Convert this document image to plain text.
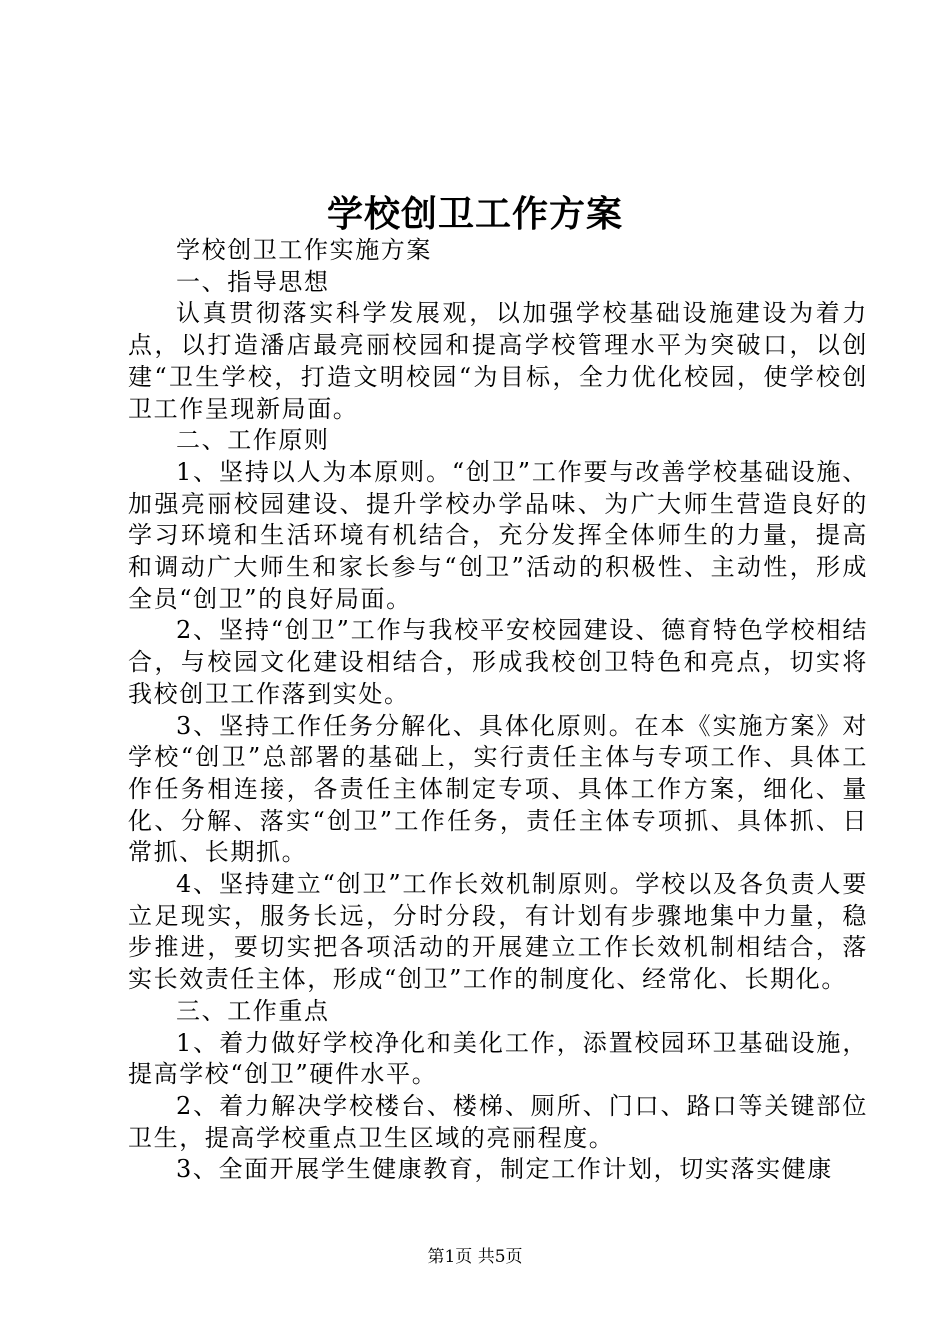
学校创卫工作方案

学校创卫工作实施方案

一、指导思想

认真贯彻落实科学发展观，以加强学校基础设施建设为着力点，以打造潘店最亮丽校园和提高学校管理水平为突破口，以创建“卫生学校，打造文明校园“为目标，全力优化校园，使学校创卫工作呈现新局面。

二、工作原则

1、坚持以人为本原则。“创卫”工作要与改善学校基础设施、加强亮丽校园建设、提升学校办学品味、为广大师生营造良好的学习环境和生活环境有机结合，充分发挥全体师生的力量，提高和调动广大师生和家长参与“创卫”活动的积极性、主动性，形成全员“创卫”的良好局面。

2、坚持“创卫”工作与我校平安校园建设、德育特色学校相结合，与校园文化建设相结合，形成我校创卫特色和亮点，切实将我校创卫工作落到实处。

3、坚持工作任务分解化、具体化原则。在本《实施方案》对学校“创卫”总部署的基础上，实行责任主体与专项工作、具体工作任务相连接，各责任主体制定专项、具体工作方案，细化、量化、分解、落实“创卫”工作任务，责任主体专项抓、具体抓、日常抓、长期抓。

4、坚持建立“创卫”工作长效机制原则。学校以及各负责人要立足现实，服务长远，分时分段，有计划有步骤地集中力量，稳步推进，要切实把各项活动的开展建立工作长效机制相结合，落实长效责任主体，形成“创卫”工作的制度化、经常化、长期化。

三、工作重点

1、着力做好学校净化和美化工作，添置校园环卫基础设施，提高学校“创卫”硬件水平。

2、着力解决学校楼台、楼梯、厕所、门口、路口等关键部位卫生，提高学校重点卫生区域的亮丽程度。

3、全面开展学生健康教育，制定工作计划，切实落实健康

第1页 共5页
